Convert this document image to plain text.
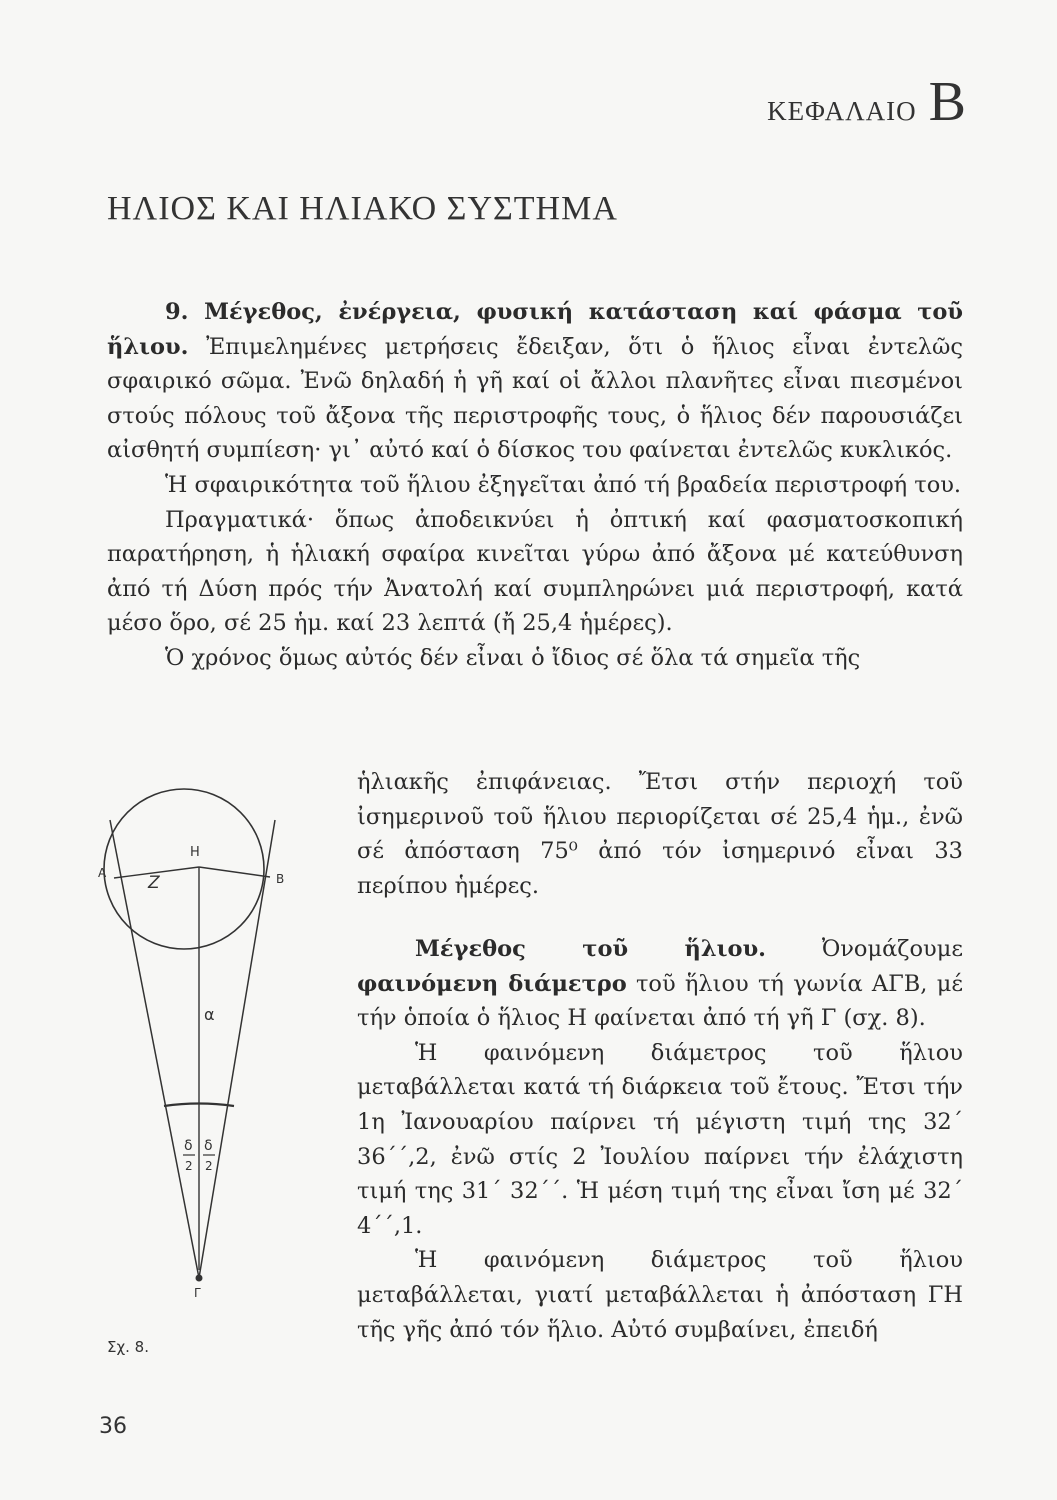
ΚΕΦΑΛΑΙΟ Β
ΗΛΙΟΣ ΚΑΙ ΗΛΙΑΚΟ ΣΥΣΤΗΜΑ

9. Μέγεθος, ἐνέργεια, φυσική κατάσταση καί φάσμα τοῦ ἥλιου. Ἐπιμελημένες μετρήσεις ἔδειξαν, ὅτι ὁ ἥλιος εἶναι ἐντελῶς σφαιρικό σῶμα. Ἐνῶ δηλαδή ἡ γῆ καί οἱ ἄλλοι πλανῆτες εἶναι πιεσμένοι στούς πόλους τοῦ ἄξονα τῆς περιστροφῆς τους, ὁ ἥλιος δέν παρουσιάζει αἰσθητή συμπίεση· γι᾽ αὐτό καί ὁ δίσκος του φαίνεται ἐντελῶς κυκλικός.

Ἡ σφαιρικότητα τοῦ ἥλιου ἐξηγεῖται ἀπό τή βραδεία περιστροφή του.

Πραγματικά· ὅπως ἀποδεικνύει ἡ ὀπτική καί φασματοσκοπική παρατήρηση, ἡ ἡλιακή σφαίρα κινεῖται γύρω ἀπό ἄξονα μέ κατεύθυνση ἀπό τή Δύση πρός τήν Ἀνατολή καί συμπληρώνει μιά περιστροφή, κατά μέσο ὅρο, σέ 25 ἡμ. καί 23 λεπτά (ἤ 25,4 ἡμέρες).

Ὁ χρόνος ὅμως αὐτός δέν εἶναι ὁ ἴδιος σέ ὅλα τά σημεῖα τῆς

ἡλιακῆς ἐπιφάνειας. Ἔτσι στήν περιοχή τοῦ ἰσημερινοῦ τοῦ ἥλιου περιορίζεται σέ 25,4 ἡμ., ἐνῶ σέ ἀπόσταση 75⁰ ἀπό τόν ἰσημερινό εἶναι 33 περίπου ἡμέρες.

Μέγεθος τοῦ ἥλιου. Ὀνομάζουμε φαινόμενη διάμετρο τοῦ ἥλιου τή γωνία ΑΓΒ, μέ τήν ὁποία ὁ ἥλιος Η φαίνεται ἀπό τή γῆ Γ (σχ. 8).

Ἡ φαινόμενη διάμετρος τοῦ ἥλιου μεταβάλλεται κατά τή διάρκεια τοῦ ἔτους. Ἔτσι τήν 1η Ἰανουαρίου παίρνει τή μέγιστη τιμή της 32΄ 36΄΄,2, ἐνῶ στίς 2 Ἰουλίου παίρνει τήν ἐλάχιστη τιμή της 31΄ 32΄΄. Ἡ μέση τιμή της εἶναι ἴση μέ 32΄ 4΄΄,1.

Ἡ φαινόμενη διάμετρος τοῦ ἥλιου μεταβάλλεται, γιατί μεταβάλλεται ἡ ἀπόσταση ΓΗ τῆς γῆς ἀπό τόν ἥλιο. Αὐτό συμβαίνει, ἐπειδή

Α	Β
Η
Z
α
δ
2
δ
2
Γ
Σχ. 8.
36
